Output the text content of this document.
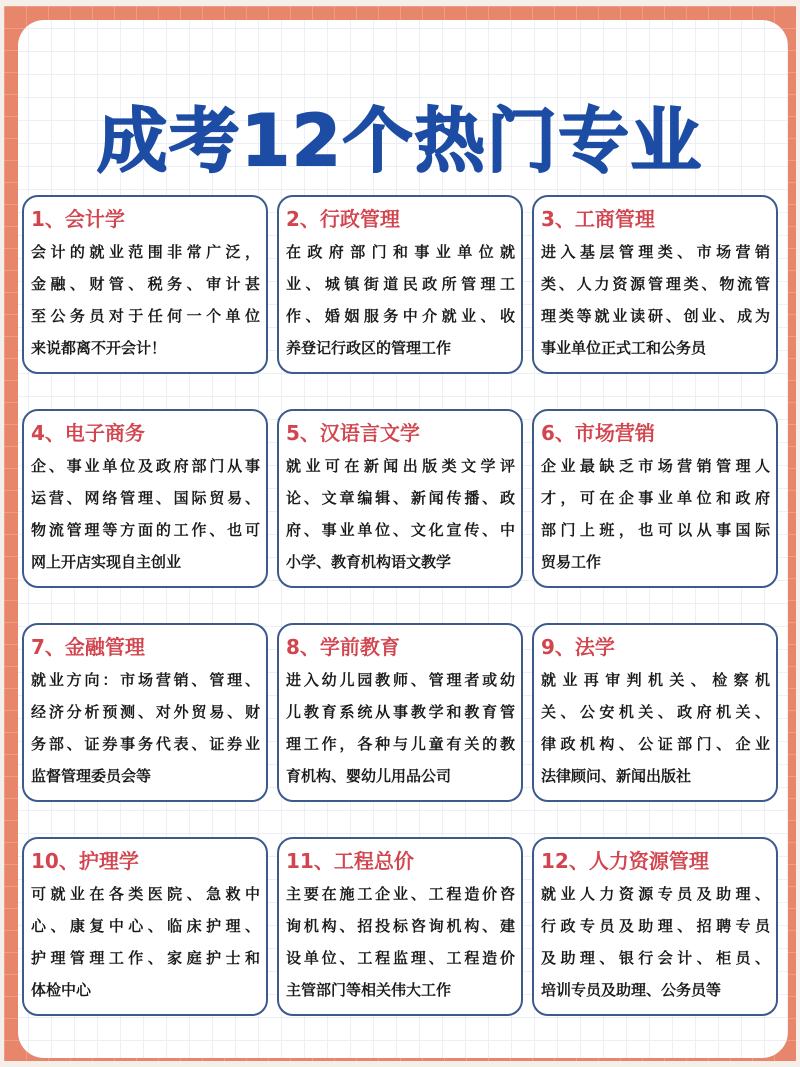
成考12个热门专业
1、会计学
会计的就业范围非常广泛，
金融、财管、税务、审计甚
至公务员对于任何一个单位
来说都离不开会计！
2、行政管理
在政府部门和事业单位就
业、城镇街道民政所管理工
作、婚姻服务中介就业、收
养登记行政区的管理工作
3、工商管理
进入基层管理类、市场营销
类、人力资源管理类、物流管
理类等就业读研、创业、成为
事业单位正式工和公务员
4、电子商务
企、事业单位及政府部门从事
运营、网络管理、国际贸易、
物流管理等方面的工作、也可
网上开店实现自主创业
5、汉语言文学
就业可在新闻出版类文学评
论、文章编辑、新闻传播、政
府、事业单位、文化宣传、中
小学、教育机构语文教学
6、市场营销
企业最缺乏市场营销管理人
才，可在企事业单位和政府
部门上班，也可以从事国际
贸易工作
7、金融管理
就业方向：市场营销、管理、
经济分析预测、对外贸易、财
务部、证券事务代表、证券业
监督管理委员会等
8、学前教育
进入幼儿园教师、管理者或幼
儿教育系统从事教学和教育管
理工作，各种与儿童有关的教
育机构、婴幼儿用品公司
9、法学
就业再审判机关、检察机
关、公安机关、政府机关、
律政机构、公证部门、企业
法律顾问、新闻出版社
10、护理学
可就业在各类医院、急救中
心、康复中心、临床护理、
护理管理工作、家庭护士和
体检中心
11、工程总价
主要在施工企业、工程造价咨
询机构、招投标咨询机构、建
设单位、工程监理、工程造价
主管部门等相关伟大工作
12、人力资源管理
就业人力资源专员及助理、
行政专员及助理、招聘专员
及助理、银行会计、柜员、
培训专员及助理、公务员等
